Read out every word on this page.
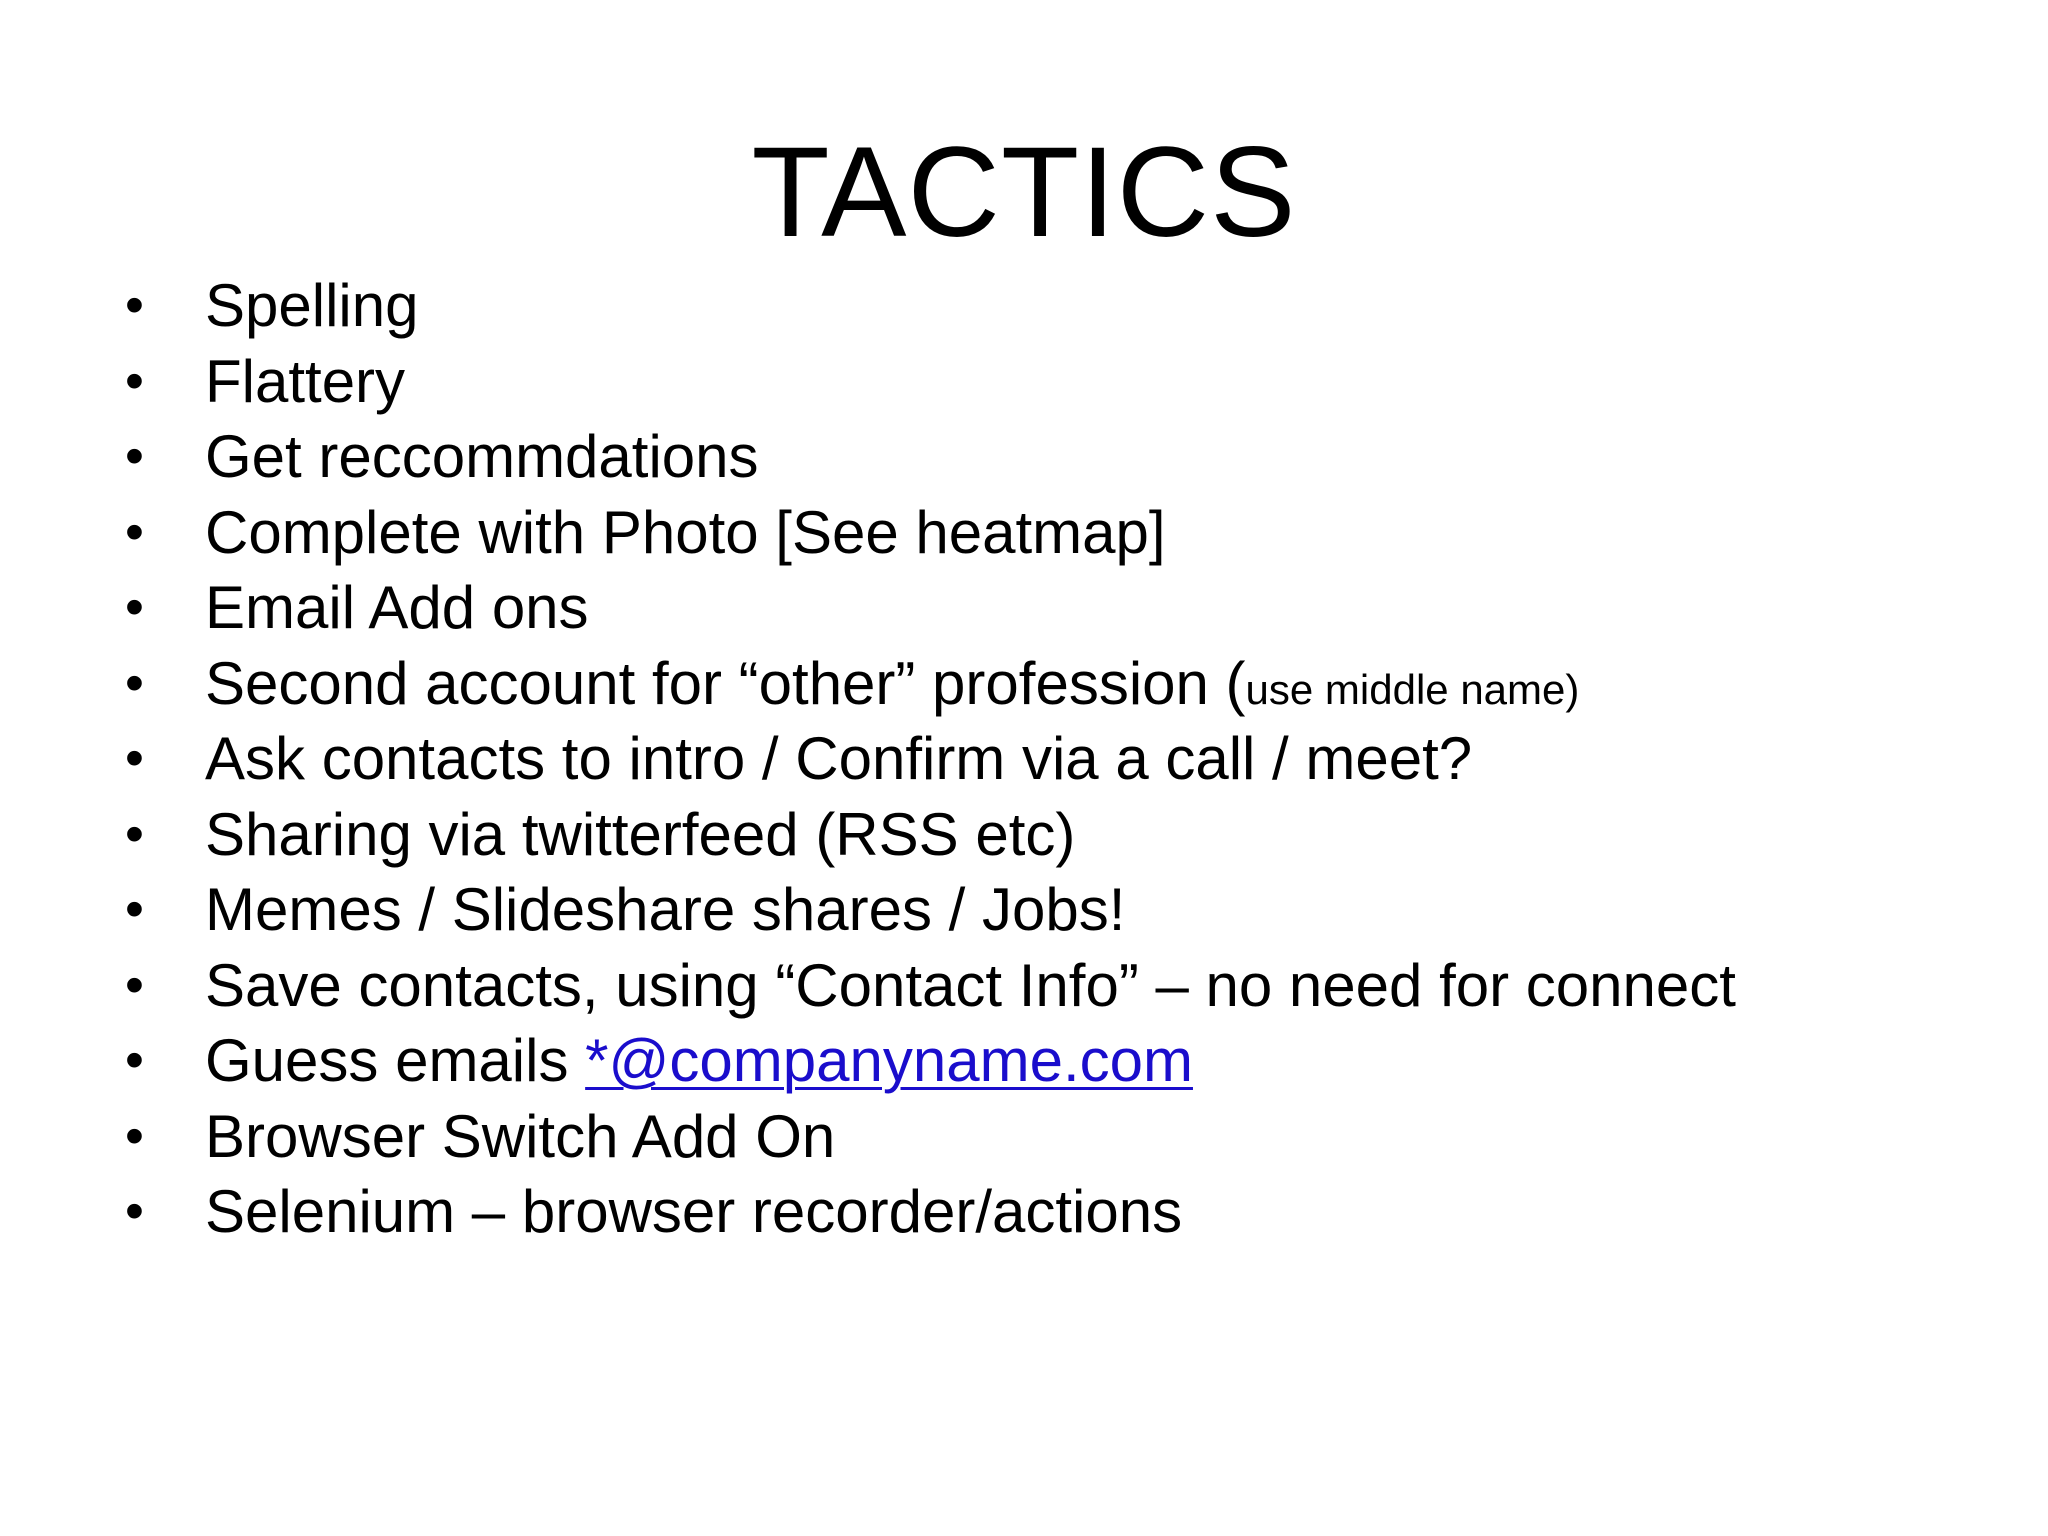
TACTICS
• Spelling
• Flattery
• Get reccommdations
• Complete with Photo [See heatmap]
• Email Add ons
• Second account for “other” profession (use middle name)
• Ask contacts to intro / Confirm via a call / meet?
• Sharing via twitterfeed (RSS etc)
• Memes / Slideshare shares / Jobs!
• Save contacts, using “Contact Info” – no need for connect
• Guess emails *@companyname.com
• Browser Switch Add On
• Selenium – browser recorder/actions
